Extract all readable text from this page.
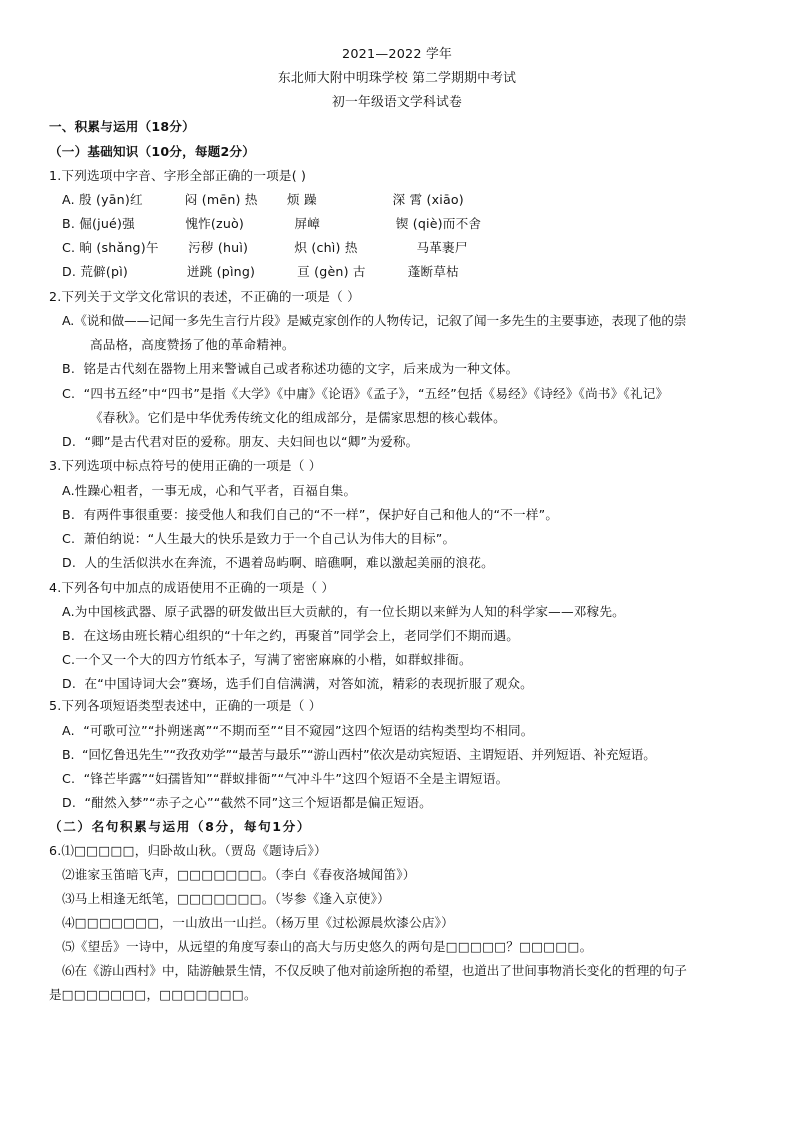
2021—2022 学年
东北师大附中明珠学校 第二学期期中考试
初一年级语文学科试卷
一、积累与运用（18分）
（一）基础知识（10分，每题2分）
1.下列选项中字音、字形全部正确的一项是( )
A. 殷 (yān)红          闷 (mēn) 热       烦 躁                  深 霄 (xiāo)
B. 倔(jué)强            愧怍(zuò)            屏嶂                  锲 (qiè)而不舍
C. 晌 (shǎng)午       污秽 (huì)           炽 (chì) 热              马革裹尸
D. 荒僻(pì)              迸跳 (pìng)          亘 (gèn) 古          蓬断草枯
2.下列关于文学文化常识的表述，不正确的一项是（ ）
A.《说和做——记闻一多先生言行片段》是臧克家创作的人物传记，记叙了闻一多先生的主要事迹，表现了他的崇
高品格，高度赞扬了他的革命精神。
B.  铭是古代刻在器物上用来警诫自己或者称述功德的文字，后来成为一种文体。
C.  “四书五经”中“四书”是指《大学》《中庸》《论语》《孟子》，“五经”包括《易经》《诗经》《尚书》《礼记》
《春秋》。它们是中华优秀传统文化的组成部分，是儒家思想的核心载体。
D.  “卿”是古代君对臣的爱称。朋友、夫妇间也以“卿”为爱称。
3.下列选项中标点符号的使用正确的一项是（ ）
A.性躁心粗者，一事无成，心和气平者，百福自集。
B.  有两件事很重要：接受他人和我们自己的“不一样”，保护好自己和他人的“不一样”。
C.  萧伯纳说：“人生最大的快乐是致力于一个自己认为伟大的目标”。
D.  人的生活似洪水在奔流，不遇着岛屿啊、暗礁啊，难以激起美丽的浪花。
4.下列各句中加点的成语使用不正确的一项是（ ）
A.为中国核武器、原子武器的研发做出巨大贡献的，有一位长期以来鲜为人知的科学家——邓稼先。
B.  在这场由班长精心组织的“十年之约，再聚首”同学会上，老同学们不期而遇。
C.一个又一个大的四方竹纸本子，写满了密密麻麻的小楷，如群蚁排衙。
D.  在“中国诗词大会”赛场，选手们自信满满，对答如流，精彩的表现折服了观众。
5.下列各项短语类型表述中，正确的一项是（ ）
A.  “可歌可泣”“扑朔迷离”“不期而至”“目不窥园”这四个短语的结构类型均不相同。
B.  “回忆鲁迅先生”“孜孜劝学”“最苦与最乐”“游山西村”依次是动宾短语、主谓短语、并列短语、补充短语。
C.  “锋芒毕露”“妇孺皆知”“群蚁排衙”“气冲斗牛”这四个短语不全是主谓短语。
D.  “酣然入梦”“赤子之心”“截然不同”这三个短语都是偏正短语。
（二）名句积累与运用（8分，每句1分）
6.⑴□□□□□，归卧故山秋。（贾岛《题诗后》）
⑵谁家玉笛暗飞声，□□□□□□□。（李白《春夜洛城闻笛》）
⑶马上相逢无纸笔，□□□□□□□。（岑参《逢入京使》）
⑷□□□□□□□，一山放出一山拦。（杨万里《过松源晨炊漆公店》）
⑸《望岳》一诗中，从远望的角度写泰山的高大与历史悠久的两句是□□□□□？□□□□□。
⑹在《游山西村》中，陆游触景生情，不仅反映了他对前途所抱的希望，也道出了世间事物消长变化的哲理的句子
是□□□□□□□，□□□□□□□。
